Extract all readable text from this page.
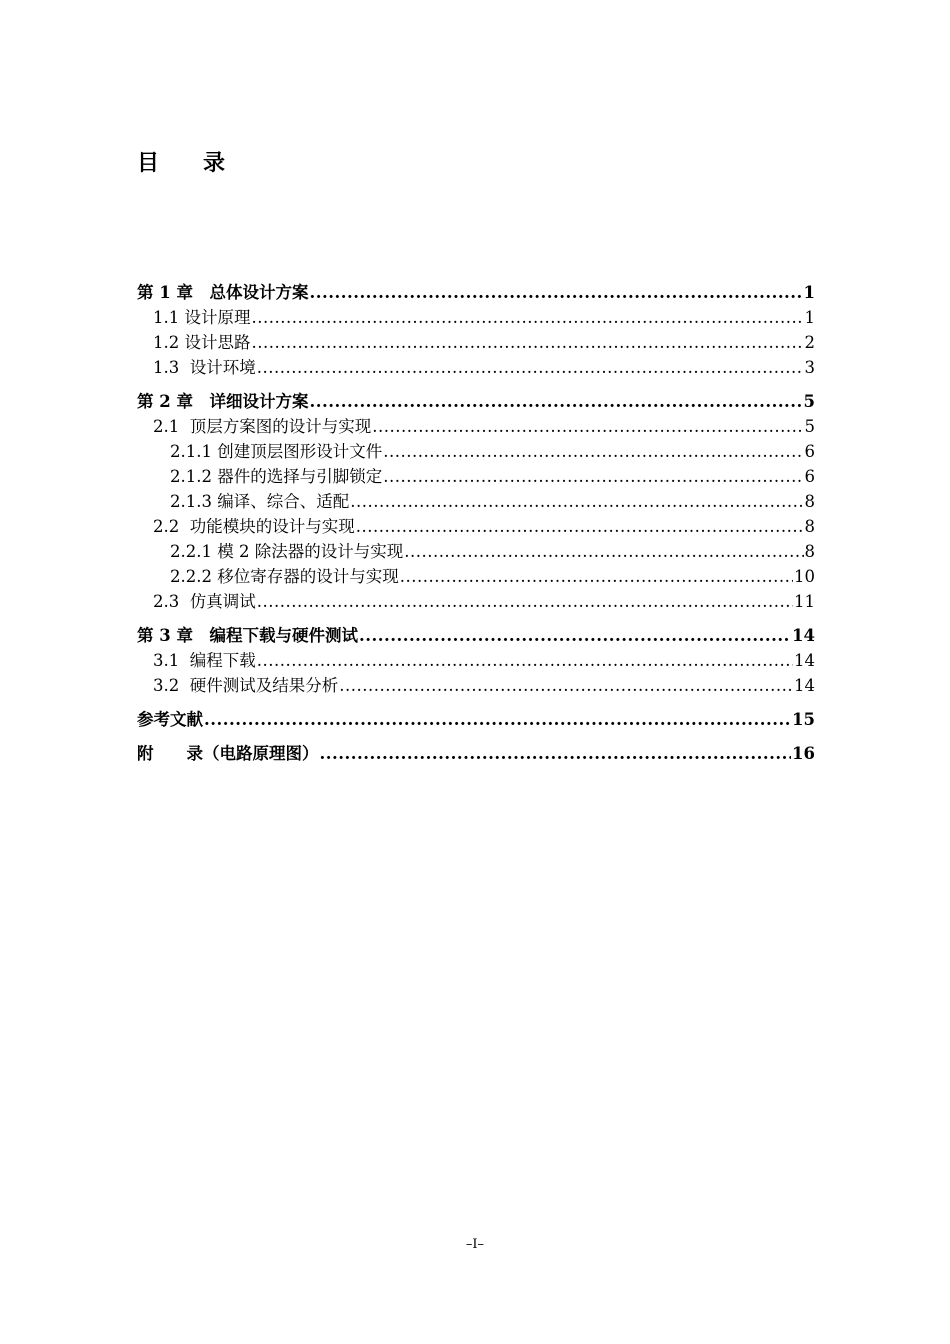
目　　录
第 1 章　总体设计方案 .....	1
1.1 设计原理 .....	1
1.2 设计思路 .....	2
1.3  设计环境 .....	3
第 2 章　详细设计方案 .....	5
2.1  顶层方案图的设计与实现 .....	5
2.1.1 创建顶层图形设计文件 .....	6
2.1.2 器件的选择与引脚锁定 .....	6
2.1.3 编译、综合、适配 .....	8
2.2  功能模块的设计与实现 .....	8
2.2.1 模 2 除法器的设计与实现 .....	8
2.2.2 移位寄存器的设计与实现 .....	10
2.3  仿真调试 .....	11
第 3 章　编程下载与硬件测试 .....	14
3.1  编程下载 .....	14
3.2  硬件测试及结果分析 .....	14
参考文献 .....	15
附　　录（电路原理图） .....	16
–I–
